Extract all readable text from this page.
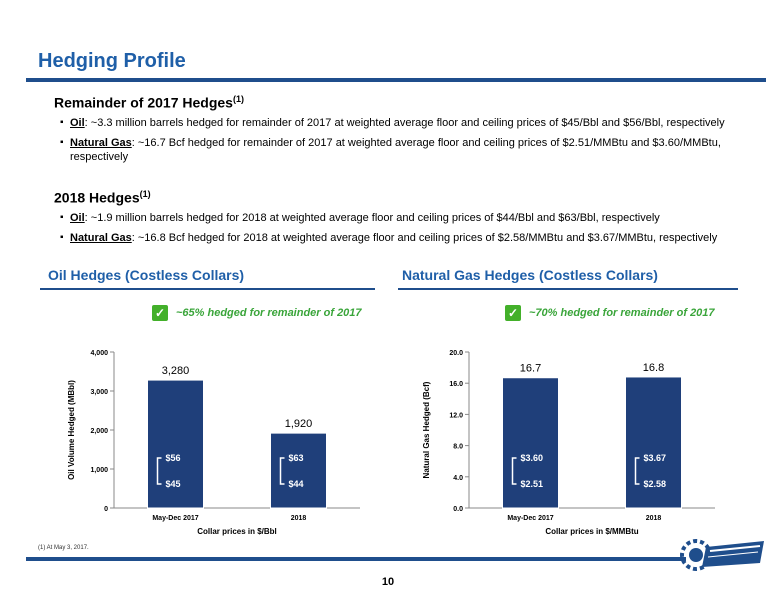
Hedging Profile
Remainder of 2017 Hedges$^{(1)}$
▪ Oil: ~3.3 million barrels hedged for remainder of 2017 at weighted average floor and ceiling prices of $45/Bbl and $56/Bbl, respectively
▪ Natural Gas: ~16.7 Bcf hedged for remainder of 2017 at weighted average floor and ceiling prices of $2.51/MMBtu and $3.60/MMBtu, respectively
2018 Hedges$^{(1)}$
▪ Oil: ~1.9 million barrels hedged for 2018 at weighted average floor and ceiling prices of $44/Bbl and $63/Bbl, respectively
▪ Natural Gas: ~16.8 Bcf hedged for 2018 at weighted average floor and ceiling prices of $2.58/MMBtu and $3.67/MMBtu, respectively
Oil Hedges (Costless Collars)	Natural Gas Hedges (Costless Collars)
✓ ~65% hedged for remainder of 2017	✓ ~70% hedged for remainder of 2017
0
1,000
2,000
3,000
4,000
Oil Volume Hedged (MBbl)
Collar prices in $/Bbl
3,280
May-Dec 2017
$56
$45
1,920
2018
$63
$44
0.0
4.0
8.0
12.0
16.0
20.0
Natural Gas Hedged (Bcf)
Collar prices in $/MMBtu
16.7
May-Dec 2017
$3.60
$2.51
16.8
2018
$3.67
$2.58
(1) At May 3, 2017.
10
